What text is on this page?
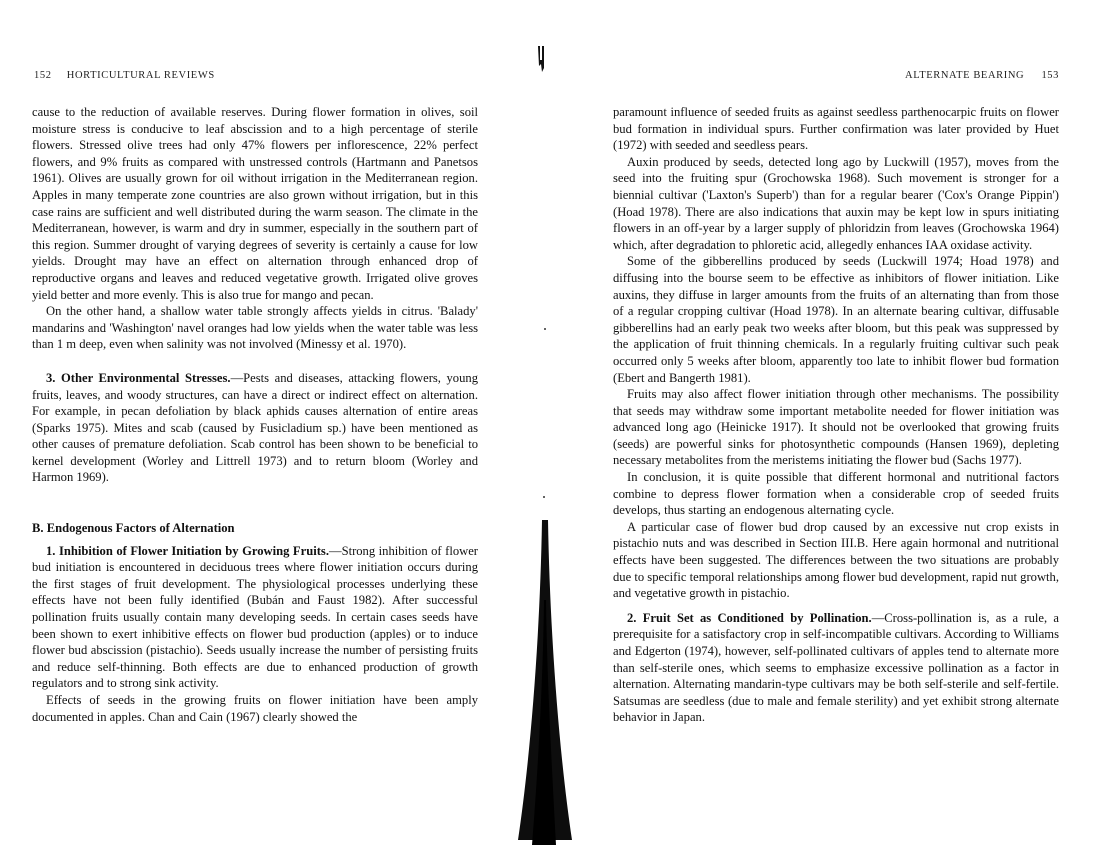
152 HORTICULTURAL REVIEWS

cause to the reduction of available reserves. During flower formation in olives, soil moisture stress is conducive to leaf abscission and to a high percentage of sterile flowers. Stressed olive trees had only 47% flowers per inflorescence, 22% perfect flowers, and 9% fruits as compared with unstressed controls (Hartmann and Panetsos 1961). Olives are usually grown for oil without irrigation in the Mediterranean region. Apples in many temperate zone countries are also grown without irrigation, but in this case rains are sufficient and well distributed during the warm season. The climate in the Mediterranean, however, is warm and dry in summer, especially in the southern part of this region. Summer drought of varying degrees of severity is certainly a cause for low yields. Drought may have an effect on alternation through enhanced drop of reproductive organs and leaves and reduced vegetative growth. Irrigated olive groves yield better and more evenly. This is also true for mango and pecan.

On the other hand, a shallow water table strongly affects yields in citrus. 'Balady' mandarins and 'Washington' navel oranges had low yields when the water table was less than 1 m deep, even when salinity was not involved (Minessy et al. 1970).

3. Other Environmental Stresses.—Pests and diseases, attacking flowers, young fruits, leaves, and woody structures, can have a direct or indirect effect on alternation. For example, in pecan defoliation by black aphids causes alternation of entire areas (Sparks 1975). Mites and scab (caused by Fusicladium sp.) have been mentioned as other causes of premature defoliation. Scab control has been shown to be beneficial to kernel development (Worley and Littrell 1973) and to return bloom (Worley and Harmon 1969).

B. Endogenous Factors of Alternation

1. Inhibition of Flower Initiation by Growing Fruits.—Strong inhibition of flower bud initiation is encountered in deciduous trees where flower initiation occurs during the first stages of fruit development. The physiological processes underlying these effects have not been fully identified (Bubán and Faust 1982). After successful pollination fruits usually contain many developing seeds. In certain cases seeds have been shown to exert inhibitive effects on flower bud production (apples) or to induce flower bud abscission (pistachio). Seeds usually increase the number of persisting fruits and reduce self-thinning. Both effects are due to enhanced production of growth regulators and to strong sink activity.

Effects of seeds in the growing fruits on flower initiation have been amply documented in apples. Chan and Cain (1967) clearly showed the

ALTERNATE BEARING 153

paramount influence of seeded fruits as against seedless parthenocarpic fruits on flower bud formation in individual spurs. Further confirmation was later provided by Huet (1972) with seeded and seedless pears.

Auxin produced by seeds, detected long ago by Luckwill (1957), moves from the seed into the fruiting spur (Grochowska 1968). Such movement is stronger for a biennial cultivar ('Laxton's Superb') than for a regular bearer ('Cox's Orange Pippin') (Hoad 1978). There are also indications that auxin may be kept low in spurs initiating flowers in an off-year by a larger supply of phloridzin from leaves (Grochowska 1964) which, after degradation to phloretic acid, allegedly enhances IAA oxidase activity.

Some of the gibberellins produced by seeds (Luckwill 1974; Hoad 1978) and diffusing into the bourse seem to be effective as inhibitors of flower initiation. Like auxins, they diffuse in larger amounts from the fruits of an alternating than from those of a regular cropping cultivar (Hoad 1978). In an alternate bearing cultivar, diffusable gibberellins had an early peak two weeks after bloom, but this peak was suppressed by the application of fruit thinning chemicals. In a regularly fruiting cultivar such peak occurred only 5 weeks after bloom, apparently too late to inhibit flower bud formation (Ebert and Bangerth 1981).

Fruits may also affect flower initiation through other mechanisms. The possibility that seeds may withdraw some important metabolite needed for flower initiation was advanced long ago (Heinicke 1917). It should not be overlooked that growing fruits (seeds) are powerful sinks for photosynthetic compounds (Hansen 1969), depleting necessary metabolites from the meristems initiating the flower bud (Sachs 1977).

In conclusion, it is quite possible that different hormonal and nutritional factors combine to depress flower formation when a considerable crop of seeded fruits develops, thus starting an endogenous alternating cycle.

A particular case of flower bud drop caused by an excessive nut crop exists in pistachio nuts and was described in Section III.B. Here again hormonal and nutritional effects have been suggested. The differences between the two situations are probably due to specific temporal relationships among flower bud development, rapid nut growth, and vegetative growth in pistachio.

2. Fruit Set as Conditioned by Pollination.—Cross-pollination is, as a rule, a prerequisite for a satisfactory crop in self-incompatible cultivars. According to Williams and Edgerton (1974), however, self-pollinated cultivars of apples tend to alternate more than self-sterile ones, which seems to emphasize excessive pollination as a factor in alternation. Alternating mandarin-type cultivars may be both self-sterile and self-fertile. Satsumas are seedless (due to male and female sterility) and yet exhibit strong alternate behavior in Japan.
